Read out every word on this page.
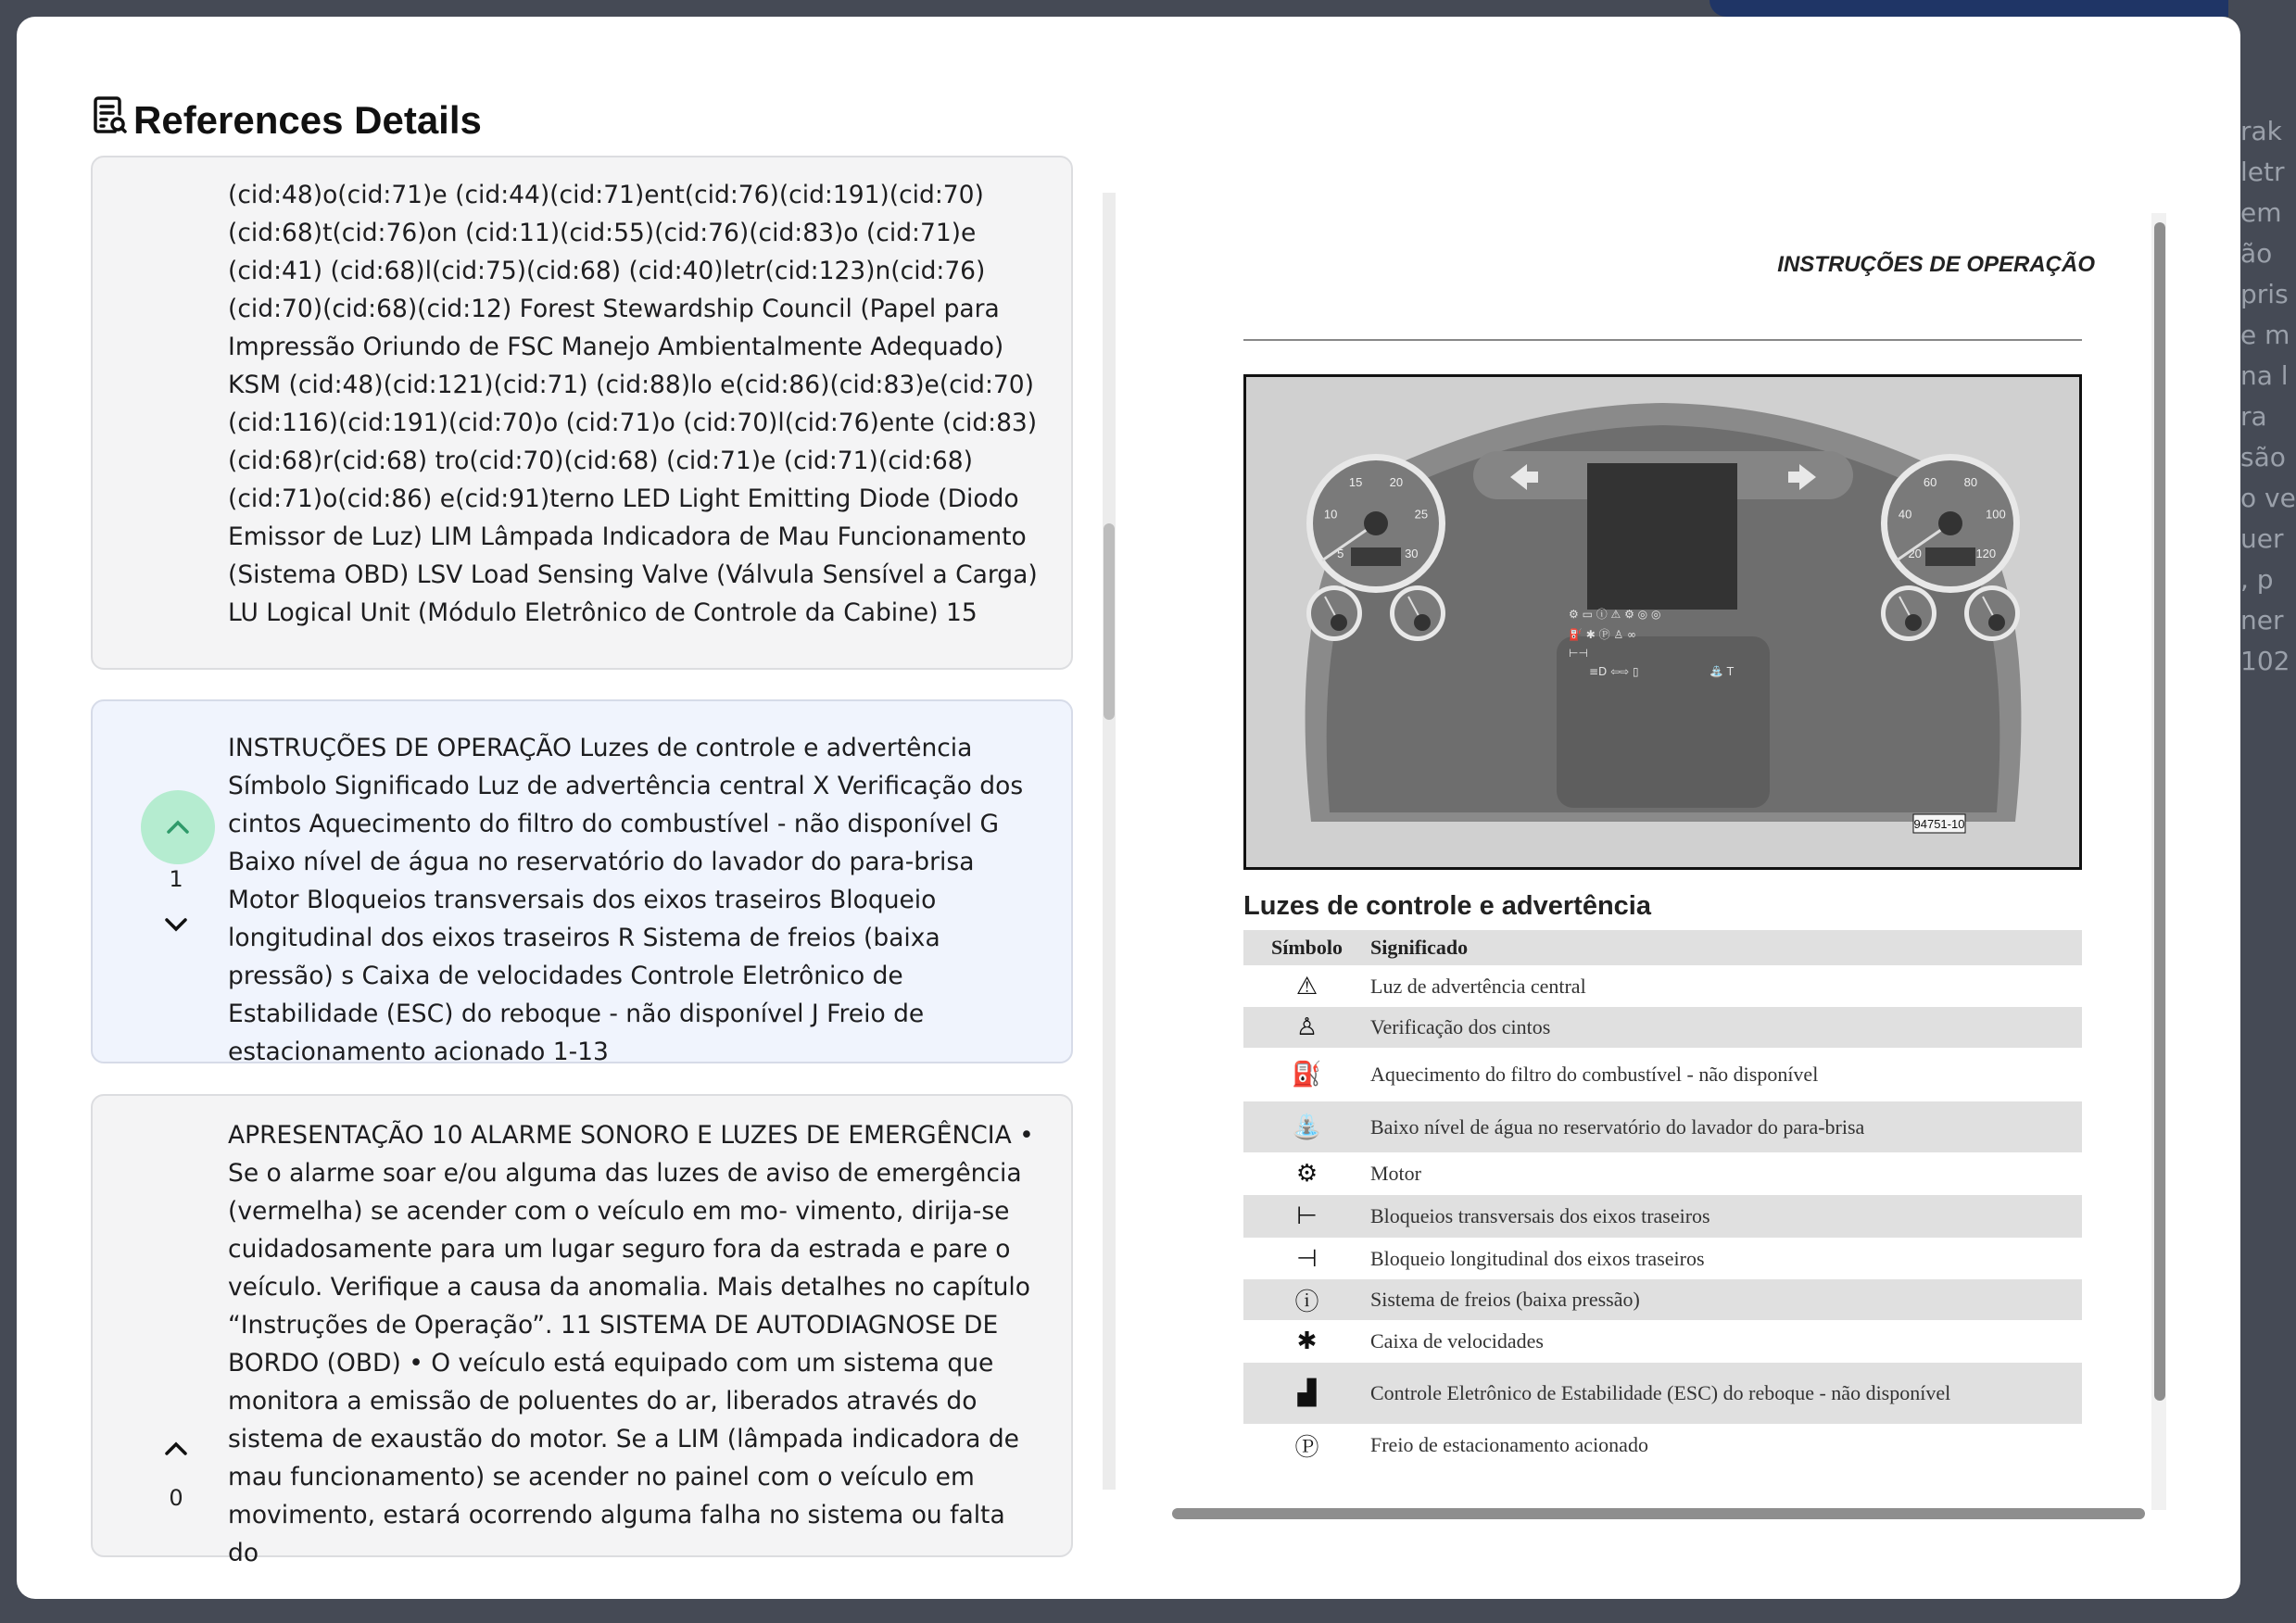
rak
letr
em
ão
pris
e m
na l
ra
são
o ve
uer
, p
ner
102
References Details
(cid:48)o(cid:71)e (cid:44)(cid:71)ent(cid:76)(cid:191)(cid:70) (cid:68)t(cid:76)on (cid:11)(cid:55)(cid:76)(cid:83)o (cid:71)e (cid:41) (cid:68)l(cid:75)(cid:68) (cid:40)letr(cid:123)n(cid:76)(cid:70)(cid:68)(cid:12) Forest Stewardship Council (Papel para Impressão Oriundo de FSC Manejo Ambientalmente Adequado) KSM (cid:48)(cid:121)(cid:71) (cid:88)lo e(cid:86)(cid:83)e(cid:70)(cid:116)(cid:191)(cid:70)o (cid:71)o (cid:70)l(cid:76)ente (cid:83)(cid:68)r(cid:68) tro(cid:70)(cid:68) (cid:71)e (cid:71)(cid:68)(cid:71)o(cid:86) e(cid:91)terno LED Light Emitting Diode (Diodo Emissor de Luz) LIM Lâmpada Indicadora de Mau Funcionamento (Sistema OBD) LSV Load Sensing Valve (Válvula Sensível a Carga) LU Logical Unit (Módulo Eletrônico de Controle da Cabine) 15
1
INSTRUÇÕES DE OPERAÇÃO Luzes de controle e advertência Símbolo Significado Luz de advertência central X Verificação dos cintos Aquecimento do filtro do combustível - não disponível G Baixo nível de água no reservatório do lavador do para-brisa Motor Bloqueios transversais dos eixos traseiros Bloqueio longitudinal dos eixos traseiros R Sistema de freios (baixa pressão) s Caixa de velocidades Controle Eletrônico de Estabilidade (ESC) do reboque - não disponível J Freio de estacionamento acionado 1-13
0
APRESENTAÇÃO 10 ALARME SONORO E LUZES DE EMERGÊNCIA • Se o alarme soar e/ou alguma das luzes de aviso de emergência (vermelha) se acender com o veículo em mo- vimento, dirija-se cuidadosamente para um lugar seguro fora da estrada e pare o veículo. Verifique a causa da anomalia. Mais detalhes no capítulo “Instruções de Operação”. 11 SISTEMA DE AUTODIAGNOSE DE BORDO (OBD) • O veículo está equipado com um sistema que monitora a emissão de poluentes do ar, liberados através do sistema de exaustão do motor. Se a LIM (lâmpada indicadora de mau funcionamento) se acender no painel com o veículo em movimento, estará ocorrendo alguma falha no sistema ou falta do
INSTRUÇÕES DE OPERAÇÃO
⚙ ▭ ⓘ ⚠ ⚙ ◎ ◎
⛽ ✱ Ⓟ ♙ ∞
⊢⊣
≡D ⇦⇨ ▯	⛲ T
5
10
15 20
25
30	20
40
60 80
100
120
94751-10
Luzes de controle e advertência
Símbolo	Significado
⚠	Luz de advertência central
♙	Verificação dos cintos
⛽	Aquecimento do filtro do combustível - não disponível
⛲	Baixo nível de água no reservatório do lavador do para-brisa
⚙	Motor
⊢	Bloqueios transversais dos eixos traseiros
⊣	Bloqueio longitudinal dos eixos traseiros
ⓘ	Sistema de freios (baixa pressão)
✱	Caixa de velocidades
▟	Controle Eletrônico de Estabilidade (ESC) do reboque - não disponível
Ⓟ	Freio de estacionamento acionado
